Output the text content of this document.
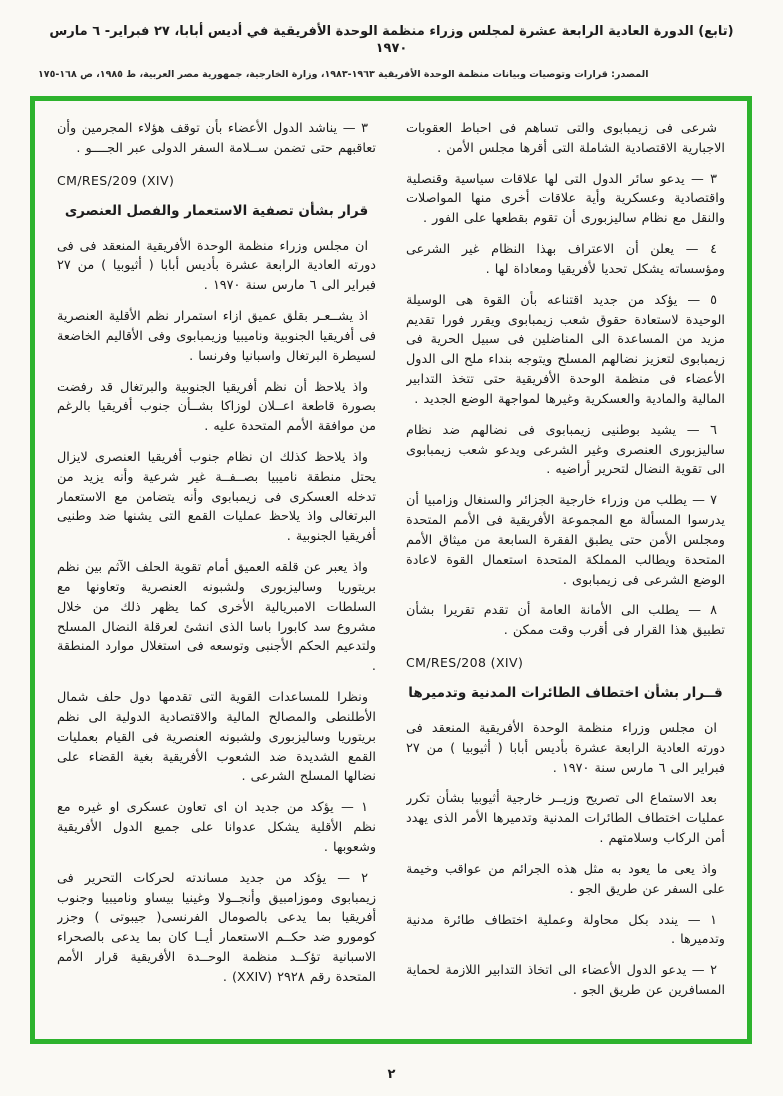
(تابع) الدورة العادية الرابعة عشرة لمجلس وزراء منظمة الوحدة الأفريقية في أديس أبابا، ٢٧ فبراير- ٦ مارس ١٩٧٠
المصدر: قرارات وتوصيات وبيانات منظمة الوحدة الأفريقية ١٩٦٣-١٩٨٣، وزارة الخارجية، جمهورية مصر العربية، ط ١٩٨٥، ص ١٦٨-١٧٥

شرعى فى زيمبابوى والتى تساهم فى احباط العقوبات الاجبارية الاقتصادية الشاملة التى أقرها مجلس الأمن .

٣ — يدعو سائر الدول التى لها علاقات سياسية وقنصلية واقتصادية وعسكرية وأية علاقات أخرى منها المواصلات والنقل مع نظام ساليزبورى أن تقوم بقطعها على الفور .

٤ — يعلن أن الاعتراف بهذا النظام غير الشرعى ومؤسساته يشكل تحديا لأفريقيا ومعاداة لها .

٥ — يؤكد من جديد اقتناعه بأن القوة هى الوسيلة الوحيدة لاستعادة حقوق شعب زيمبابوى ويقرر فورا تقديم مزيد من المساعدة الى المناضلين فى سبيل الحرية فى زيمبابوى لتعزيز نضالهم المسلح ويتوجه بنداء ملح الى الدول الأعضاء فى منظمة الوحدة الأفريقية حتى تتخذ التدابير المالية والمادية والعسكرية وغيرها لمواجهة الوضع الجديد .

٦ — يشيد بوطنيى زيمبابوى فى نضالهم ضد نظام ساليزبورى العنصرى وغير الشرعى ويدعو شعب زيمبابوى الى تقوية النضال لتحرير أراضيه .

٧ — يطلب من وزراء خارجية الجزائر والسنغال وزامبيا أن يدرسوا المسألة مع المجموعة الأفريقية فى الأمم المتحدة ومجلس الأمن حتى يطبق الفقرة السابعة من ميثاق الأمم المتحدة ويطالب المملكة المتحدة استعمال القوة لاعادة الوضع الشرعى فى زيمبابوى .

٨ — يطلب الى الأمانة العامة أن تقدم تقريرا بشأن تطبيق هذا القرار فى أقرب وقت ممكن .

CM/RES/208 (XIV)

قــرار بشأن اختطاف الطائرات المدنية وتدميرها

ان مجلس وزراء منظمة الوحدة الأفريقية المنعقد فى دورته العادية الرابعة عشرة بأديس أبابا ( أثيوبيا ) من ٢٧ فبراير الى ٦ مارس سنة ١٩٧٠ .

بعد الاستماع الى تصريح وزيــر خارجية أثيوبيا بشأن تكرر عمليات اختطاف الطائرات المدنية وتدميرها الأمر الذى يهدد أمن الركاب وسلامتهم .

واذ يعى ما يعود به مثل هذه الجرائم من عواقب وخيمة على السفر عن طريق الجو .

١ — يندد بكل محاولة وعملية اختطاف طائرة مدنية وتدميرها .

٢ — يدعو الدول الأعضاء الى اتخاذ التدابير اللازمة لحماية المسافرين عن طريق الجو .

٣ — يناشد الدول الأعضاء بأن توقف هؤلاء المجرمين وأن تعاقبهم حتى تضمن ســلامة السفر الدولى عبر الجــــو .

CM/RES/209 (XIV)

قرار بشأن تصفية الاستعمار والفصل العنصرى

ان مجلس وزراء منظمة الوحدة الأفريقية المنعقد فى فى دورته العادية الرابعة عشرة بأديس أبابا ( أثيوبيا ) من ٢٧ فبراير الى ٦ مارس سنة ١٩٧٠ .

اذ يشــعـر بقلق عميق ازاء استمرار نظم الأقلية العنصرية فى أفريقيا الجنوبية وناميبيا وزيمبابوى وفى الأقاليم الخاضعة لسيطرة البرتغال واسبانيا وفرنسا .

واذ يلاحظ أن نظم أفريقيا الجنوبية والبرتغال قد رفضت بصورة قاطعة اعــلان لوزاكا بشــأن جنوب أفريقيا بالرغم من موافقة الأمم المتحدة عليه .

واذ يلاحظ كذلك ان نظام جنوب أفريقيا العنصرى لايزال يحتل منطقة ناميبيا بصــفــة غير شرعية وأنه يزيد من تدخله العسكرى فى زيمبابوى وأنه يتضامن مع الاستعمار البرتغالى واذ يلاحظ عمليات القمع التى يشنها ضد وطنيى أفريقيا الجنوبية .

واذ يعبر عن قلقه العميق أمام تقوية الحلف الآثم بين نظم بريتوريا وساليزبورى ولشبونه العنصرية وتعاونها مع السلطات الامبريالية الأخرى كما يظهر ذلك من خلال مشروع سد كابورا باسا الذى انشئ لعرقلة النضال المسلح ولتدعيم الحكم الأجنبى وتوسعه فى استغلال موارد المنطقة .

ونظرا للمساعدات القوية التى تقدمها دول حلف شمال الأطلنطى والمصالح المالية والاقتصادية الدولية الى نظم بريتوريا وساليزبورى ولشبونه العنصرية فى القيام بعمليات القمع الشديدة ضد الشعوب الأفريقية بغية القضاء على نضالها المسلح الشرعى .

١ — يؤكد من جديد ان اى تعاون عسكرى او غيره مع نظم الأقلية يشكل عدوانا على جميع الدول الأفريقية وشعوبها .

٢ — يؤكد من جديد مساندته لحركات التحرير فى زيمبابوى وموزامبيق وأنجــولا وغينيا بيساو وناميبيا وجنوب أفريقيا بما يدعى بالصومال الفرنسى( جيبوتى ) وجزر كومورو ضد حكــم الاستعمار أيــا كان بما يدعى بالصحراء الاسبانية تؤكــد منظمة الوحــدة الأفريقية قرار الأمم المتحدة رقم ٢٩٢٨ (XXIV) .

٢
